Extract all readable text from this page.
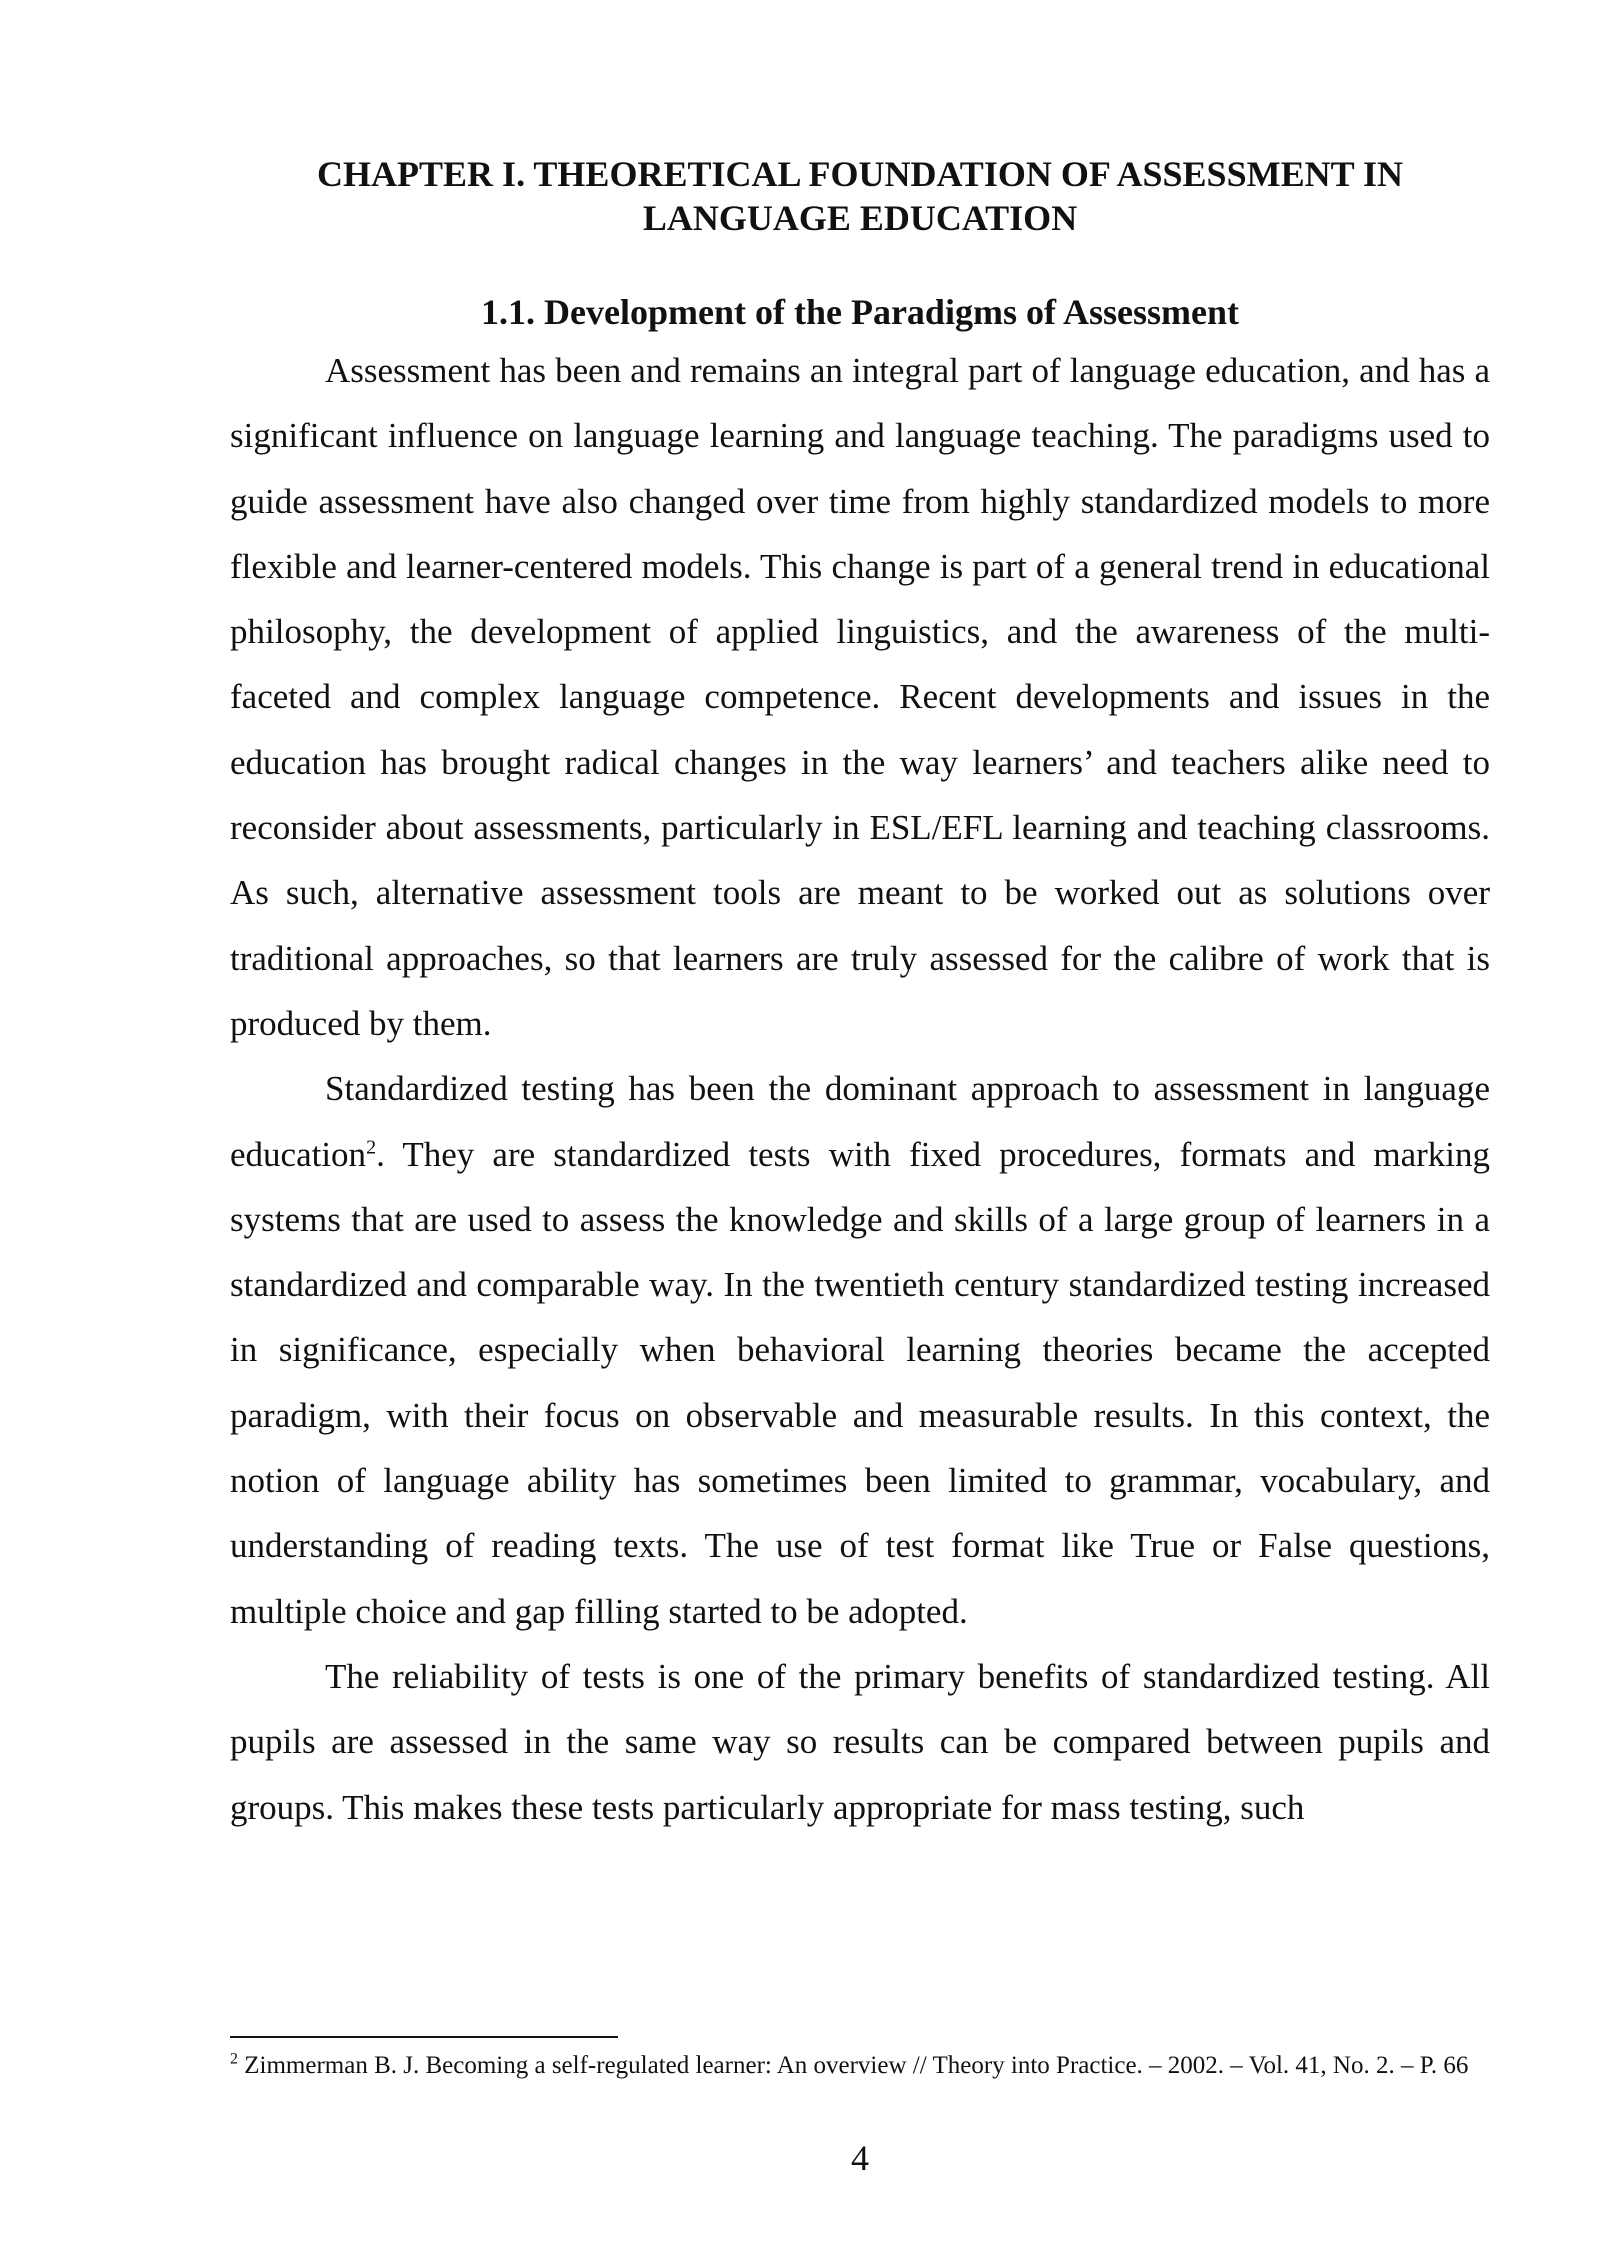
CHAPTER I. THEORETICAL FOUNDATION OF ASSESSMENT IN
LANGUAGE EDUCATION
1.1. Development of the Paradigms of Assessment

Assessment has been and remains an integral part of language education, and has a significant influence on language learning and language teaching. The paradigms used to guide assessment have also changed over time from highly standardized models to more flexible and learner-centered models. This change is part of a general trend in educational philosophy, the development of applied linguistics, and the awareness of the multi-faceted and complex language competence. Recent developments and issues in the education has brought radical changes in the way learners’ and teachers alike need to reconsider about assessments, particularly in ESL/EFL learning and teaching classrooms. As such, alternative assessment tools are meant to be worked out as solutions over traditional approaches, so that learners are truly assessed for the calibre of work that is produced by them.

Standardized testing has been the dominant approach to assessment in language education$^2$. They are standardized tests with fixed procedures, formats and marking systems that are used to assess the knowledge and skills of a large group of learners in a standardized and comparable way. In the twentieth century standardized testing increased in significance, especially when behavioral learning theories became the accepted paradigm, with their focus on observable and measurable results. In this context, the notion of language ability has sometimes been limited to grammar, vocabulary, and understanding of reading texts. The use of test format like True or False questions, multiple choice and gap filling started to be adopted.

The reliability of tests is one of the primary benefits of standardized testing. All pupils are assessed in the same way so results can be compared between pupils and groups. This makes these tests particularly appropriate for mass testing, such

$^2$ Zimmerman B. J. Becoming a self-regulated learner: An overview // Theory into Practice. – 2002. – Vol. 41, No. 2. – P. 66
4
